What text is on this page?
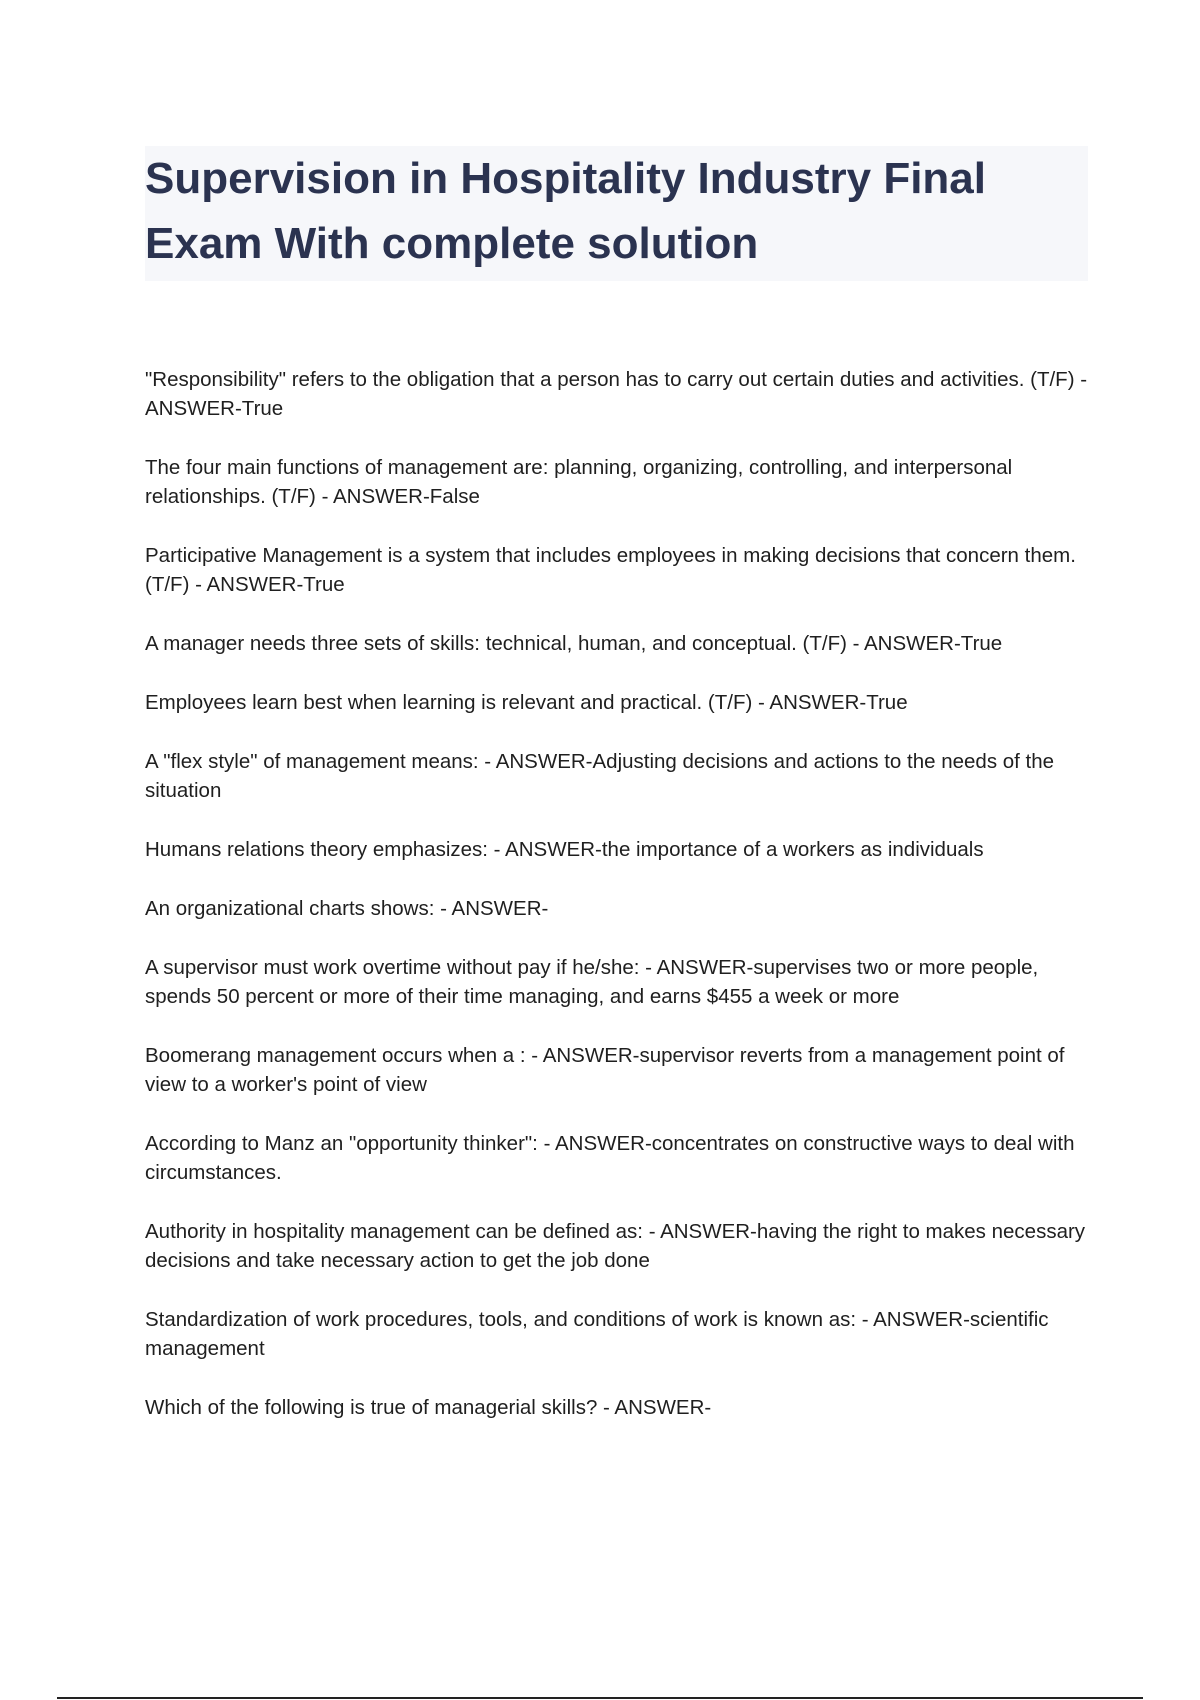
Supervision in Hospitality Industry Final Exam With complete solution
"Responsibility" refers to the obligation that a person has to carry out certain duties and activities. (T/F) - ANSWER-True
The four main functions of management are: planning, organizing, controlling, and interpersonal relationships. (T/F) - ANSWER-False
Participative Management is a system that includes employees in making decisions that concern them. (T/F) - ANSWER-True
A manager needs three sets of skills: technical, human, and conceptual. (T/F) - ANSWER-True
Employees learn best when learning is relevant and practical. (T/F) - ANSWER-True
A "flex style" of management means: - ANSWER-Adjusting decisions and actions to the needs of the situation
Humans relations theory emphasizes: - ANSWER-the importance of a workers as individuals
An organizational charts shows: - ANSWER-
A supervisor must work overtime without pay if he/she: - ANSWER-supervises two or more people, spends 50 percent or more of their time managing, and earns $455 a week or more
Boomerang management occurs when a : - ANSWER-supervisor reverts from a management point of view to a worker's point of view
According to Manz an "opportunity thinker": - ANSWER-concentrates on constructive ways to deal with circumstances.
Authority in hospitality management can be defined as: - ANSWER-having the right to makes necessary decisions and take necessary action to get the job done
Standardization of work procedures, tools, and conditions of work is known as: - ANSWER-scientific management
Which of the following is true of managerial skills? - ANSWER-
